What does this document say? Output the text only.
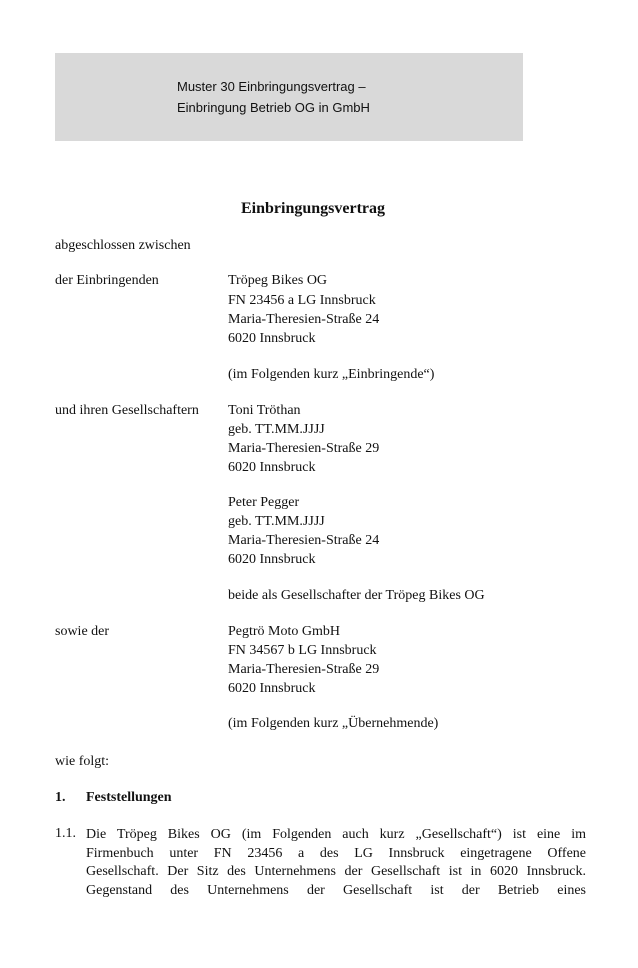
Muster 30 Einbringungsvertrag –
Einbringung Betrieb OG in GmbH
Einbringungsvertrag
abgeschlossen zwischen
der Einbringenden	Tröpeg Bikes OG
FN 23456 a LG Innsbruck
Maria-Theresien-Straße 24
6020 Innsbruck
(im Folgenden kurz „Einbringende“)
und ihren Gesellschaftern Toni Tröthan
geb. TT.MM.JJJJ
Maria-Theresien-Straße 29
6020 Innsbruck
Peter Pegger
geb. TT.MM.JJJJ
Maria-Theresien-Straße 24
6020 Innsbruck
beide als Gesellschafter der Tröpeg Bikes OG
sowie der	Pegtrö Moto GmbH
FN 34567 b LG Innsbruck
Maria-Theresien-Straße 29
6020 Innsbruck
(im Folgenden kurz „Übernehmende)
wie folgt:
1. Feststellungen
1.1. Die Tröpeg Bikes OG (im Folgenden auch kurz „Gesellschaft“) ist eine im
Firmenbuch unter FN 23456 a des LG Innsbruck eingetragene Offene
Gesellschaft. Der Sitz des Unternehmens der Gesellschaft ist in 6020 Innsbruck.
Gegenstand des Unternehmens der Gesellschaft ist der Betrieb eines
